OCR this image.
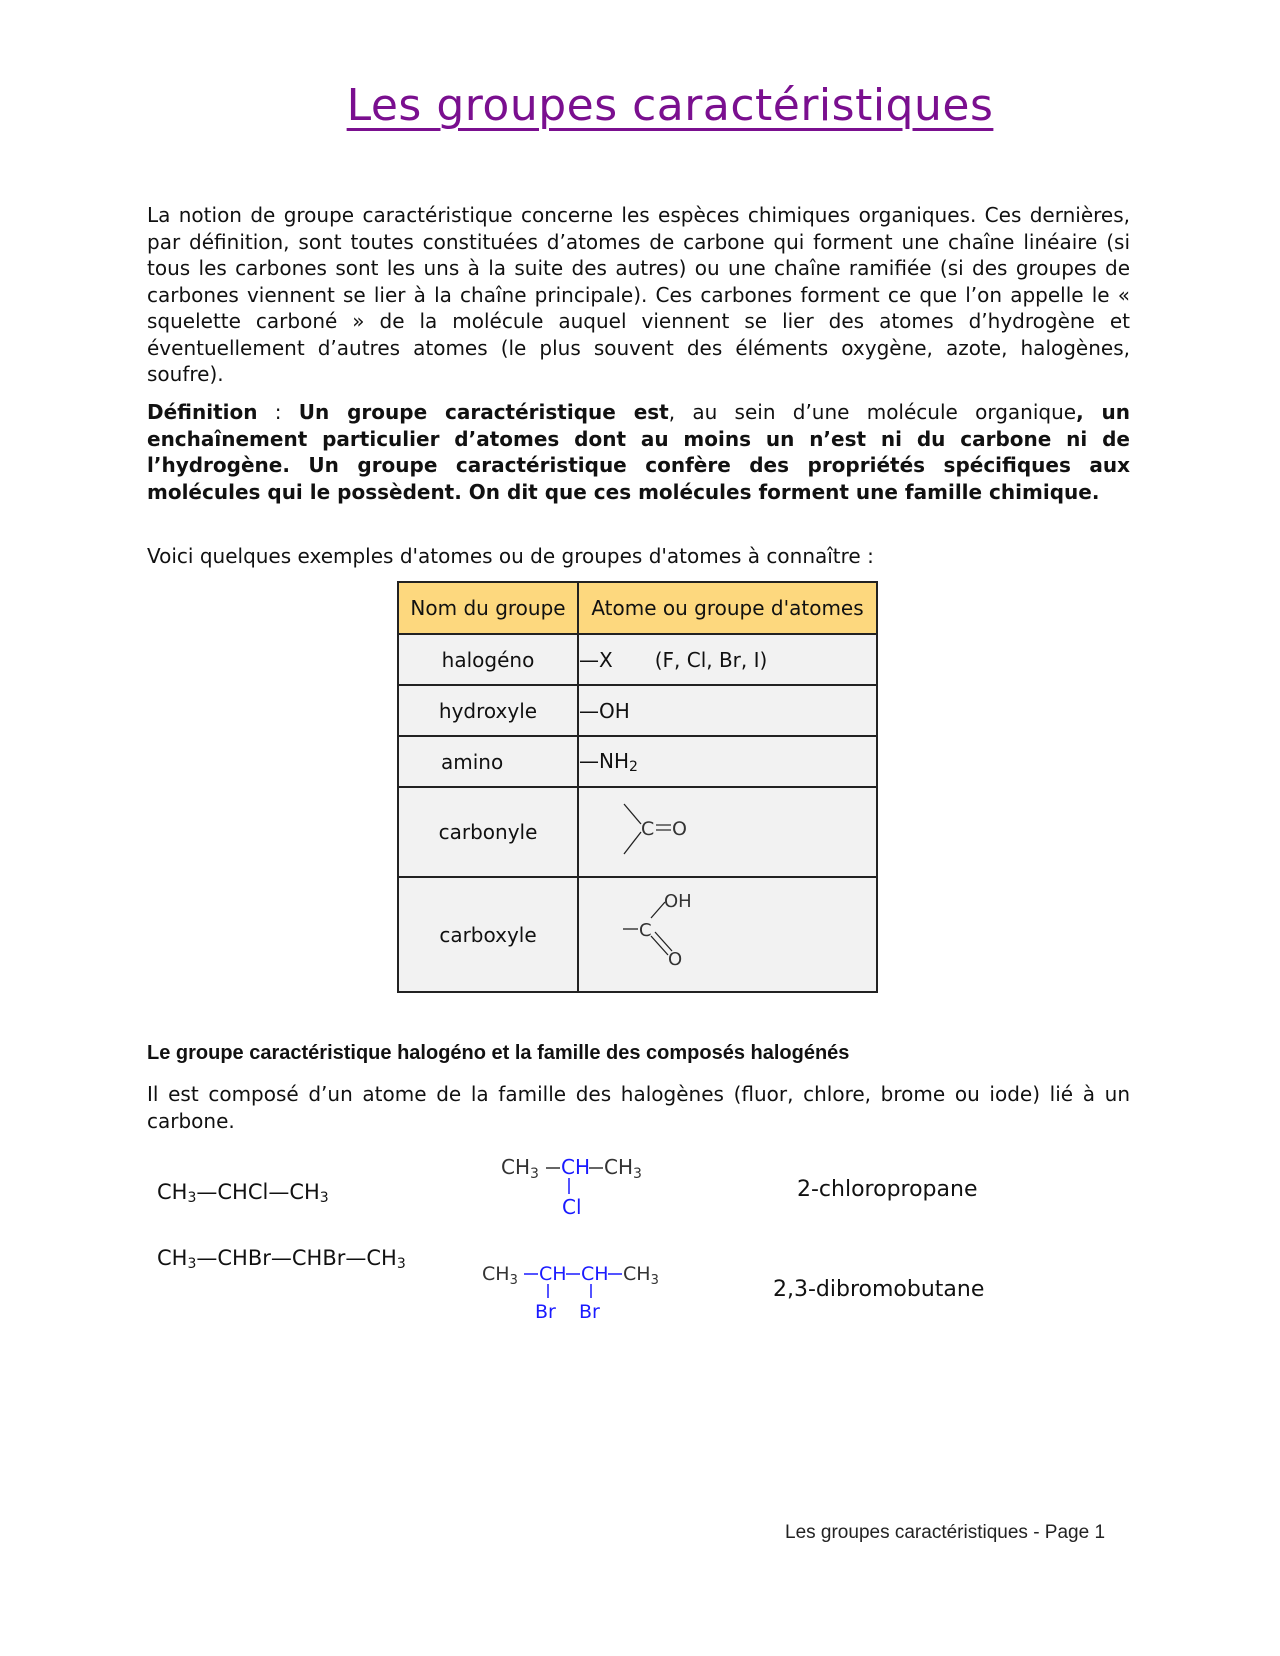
Les groupes caractéristiques
La notion de groupe caractéristique concerne les espèces chimiques organiques. Ces dernières, par définition, sont toutes constituées d’atomes de carbone qui forment une chaîne linéaire (si tous les carbones sont les uns à la suite des autres) ou une chaîne ramifiée (si des groupes de carbones viennent se lier à la chaîne principale). Ces carbones forment ce que l’on appelle le « squelette carboné » de la molécule auquel viennent se lier des atomes d’hydrogène et éventuellement d’autres atomes (le plus souvent des éléments oxygène, azote, halogènes, soufre).
Définition : Un groupe caractéristique est, au sein d’une molécule organique, un enchaînement particulier d’atomes dont au moins un n’est ni du carbone ni de l’hydrogène. Un groupe caractéristique confère des propriétés spécifiques aux molécules qui le possèdent. On dit que ces molécules forment une famille chimique.
Voici quelques exemples d'atomes ou de groupes d'atomes à connaître :
Nom du groupe	Atome ou groupe d'atomes
halogéno	—X (F, Cl, Br, I)
hydroxyle	—OH
amino	$—NH_2$
carbonyle	C O

carboxyle	C
OH
O
Le groupe caractéristique halogéno et la famille des composés halogénés
Il est composé d’un atome de la famille des halogènes (fluor, chlore, brome ou iode) lié à un carbone.
$CH_3—CHCl—CH_3$
$CH_3$ CH $CH_3$
Cl
2-chloropropane
$CH_3—CHBr—CHBr—CH_3$	$CH_3$ CH CH $CH_3$
Br Br
2,3-dibromobutane
Les groupes caractéristiques - Page 1
